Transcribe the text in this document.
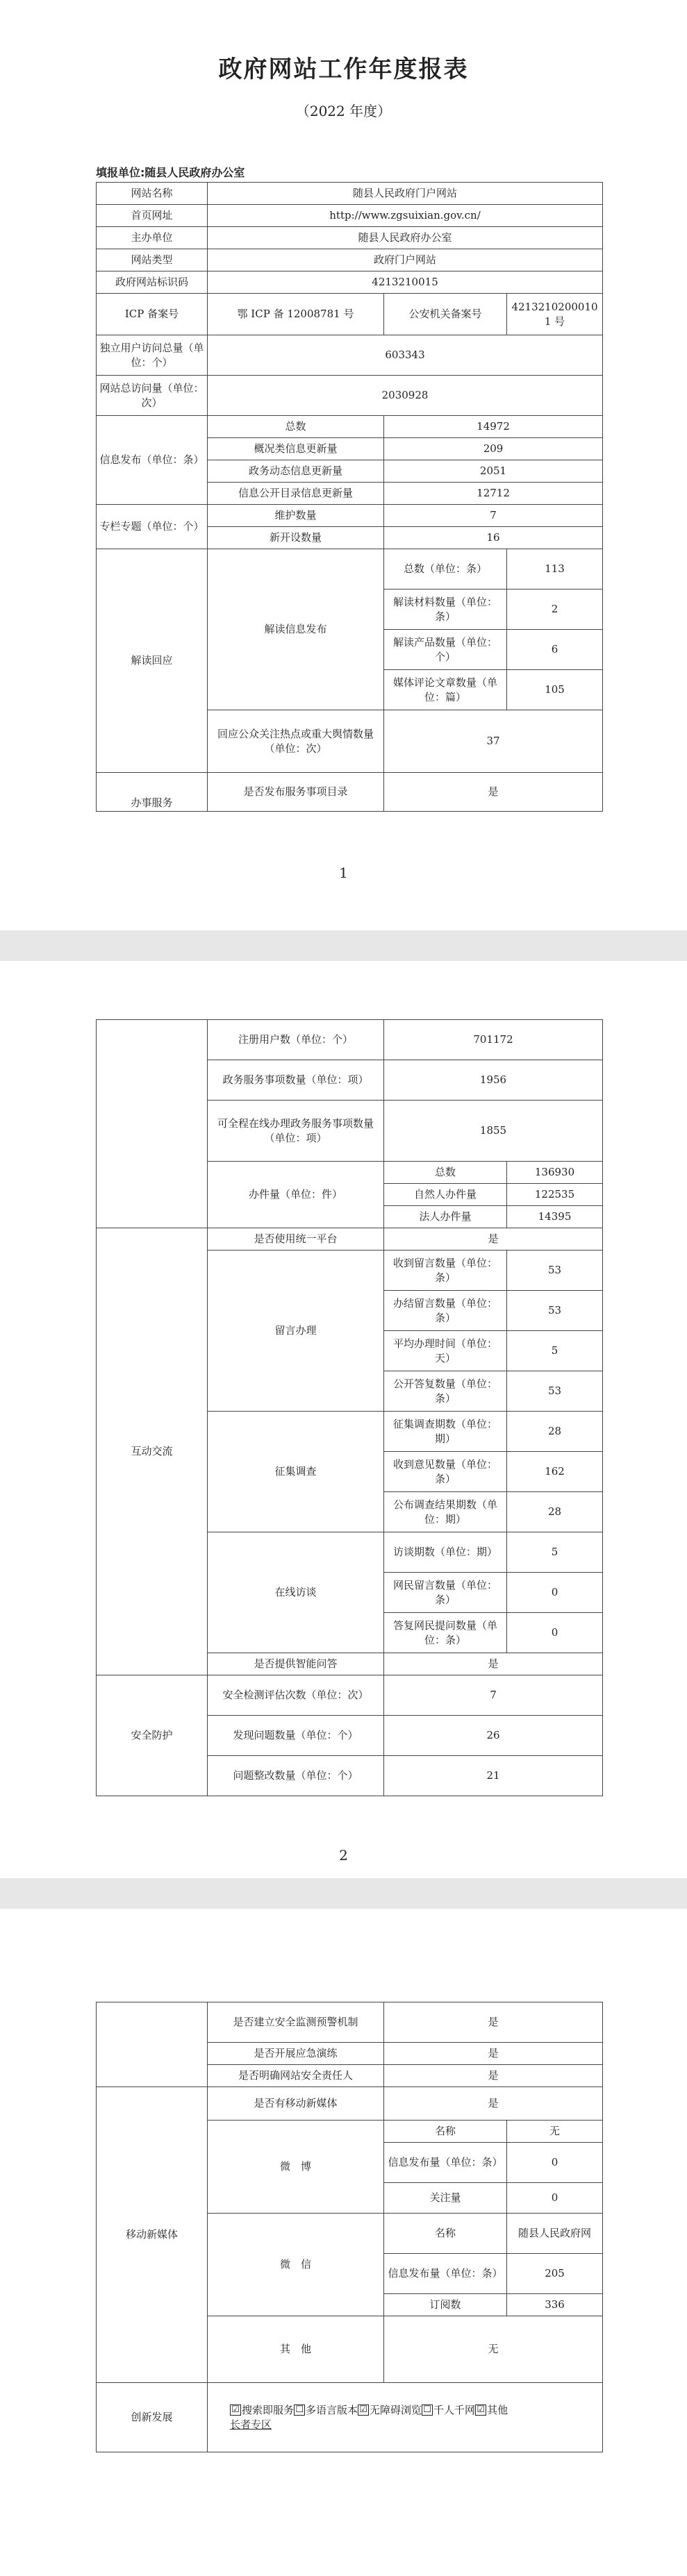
政府网站工作年度报表
（2022 年度）
填报单位:随县人民政府办公室
网站名称	随县人民政府门户网站		
首页网址	http://www.zgsuixian.gov.cn/		
主办单位	随县人民政府办公室		
网站类型	政府门户网站		
政府网站标识码	4213210015		
ICP 备案号	鄂 ICP 备 12008781 号	公安机关备案号	42132102000101 号
独立用户访问总量（单位：个）	603343		
网站总访问量（单位：次）	2030928		
信息发布（单位：条）	总数	14972	
	概况类信息更新量	209	
	政务动态信息更新量	2051	
	信息公开目录信息更新量	12712	
专栏专题（单位：个）	维护数量	7	
	新开设数量	16	
解读回应	解读信息发布	总数（单位：条）	113
		解读材料数量（单位：条）	2
		解读产品数量（单位：个）	6
		媒体评论文章数量（单位：篇）	105
	回应公众关注热点或重大舆情数量（单位：次）	37	
办事服务	是否发布服务事项目录	是	
1
	注册用户数（单位：个）	701172	
	政务服务事项数量（单位：项）	1956	
	可全程在线办理政务服务事项数量（单位：项）	1855	
	办件量（单位：件）	总数	136930
		自然人办件量	122535
		法人办件量	14395
互动交流	是否使用统一平台	是	
	留言办理	收到留言数量（单位：条）	53
		办结留言数量（单位：条）	53
		平均办理时间（单位：天）	5
		公开答复数量（单位：条）	53
	征集调查	征集调查期数（单位：期）	28
		收到意见数量（单位：条）	162
		公布调查结果期数（单位：期）	28
	在线访谈	访谈期数（单位：期）	5
		网民留言数量（单位：条）	0
		答复网民提问数量（单位：条）	0
	是否提供智能问答	是	
安全防护	安全检测评估次数（单位：次）	7	
	发现问题数量（单位：个）	26	
	问题整改数量（单位：个）	21	
2
	是否建立安全监测预警机制	是	
	是否开展应急演练	是	
	是否明确网站安全责任人	是	
移动新媒体	是否有移动新媒体	是	
	微　博	名称	无
		信息发布量（单位：条）	0
		关注量	0
	微　信	名称	随县人民政府网
		信息发布量（单位：条）	205
		订阅数	336
	其　他	无	
创新发展	☑ 搜索即服务 ☐ 多语言版本 ☑ 无障碍浏览 ☐ 千人千网 ☑ 其他
长者专区		
